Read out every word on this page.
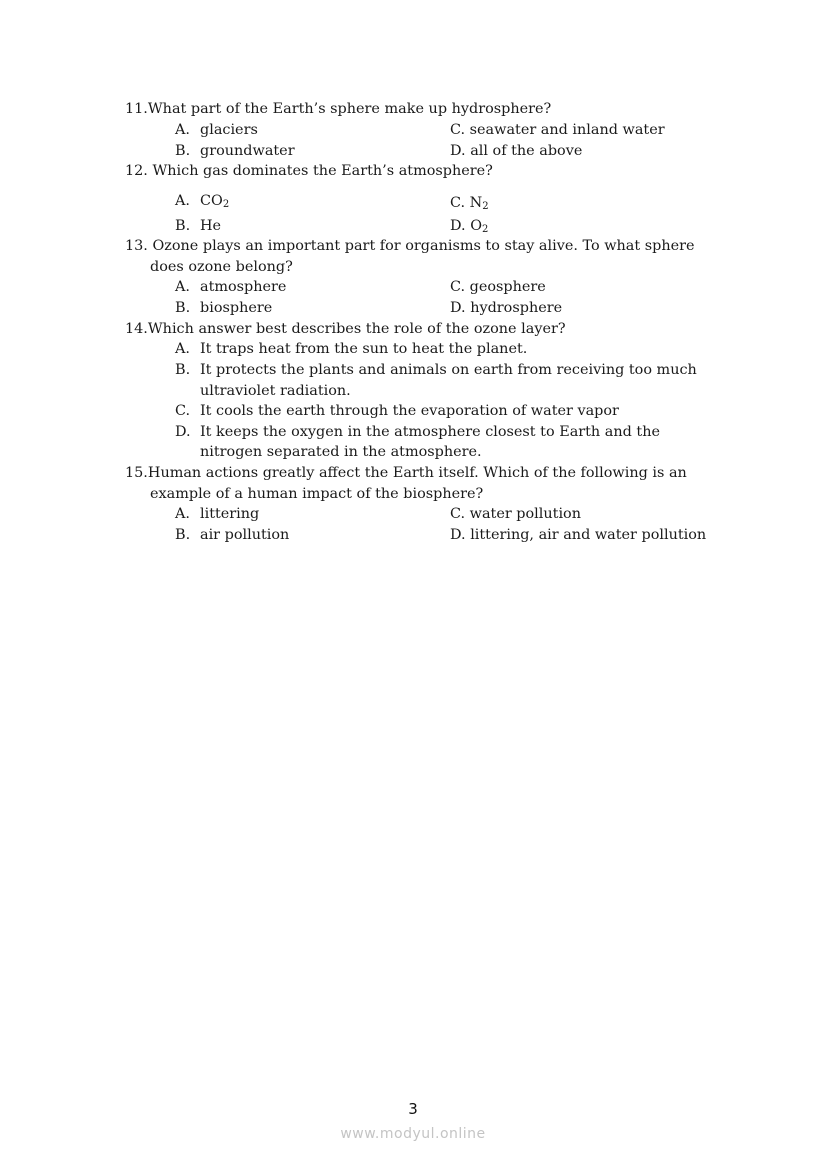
11.What part of the Earth’s sphere make up hydrosphere?
A. glaciers	C. seawater and inland water
B. groundwater	D. all of the above
12. Which gas dominates the Earth’s atmosphere?
A. $CO_2$	C. $N_2$
B. He	D. $O_2$
13. Ozone plays an important part for organisms to stay alive. To what sphere
does ozone belong?
A. atmosphere	C. geosphere
B. biosphere	D. hydrosphere
14.Which answer best describes the role of the ozone layer?
A. It traps heat from the sun to heat the planet.
B. It protects the plants and animals on earth from receiving too much
ultraviolet radiation.
C. It cools the earth through the evaporation of water vapor
D. It keeps the oxygen in the atmosphere closest to Earth and the
nitrogen separated in the atmosphere.
15.Human actions greatly affect the Earth itself. Which of the following is an
example of a human impact of the biosphere?
A. littering	C. water pollution
B. air pollution	D. littering, air and water pollution
3
www.modyul.online
